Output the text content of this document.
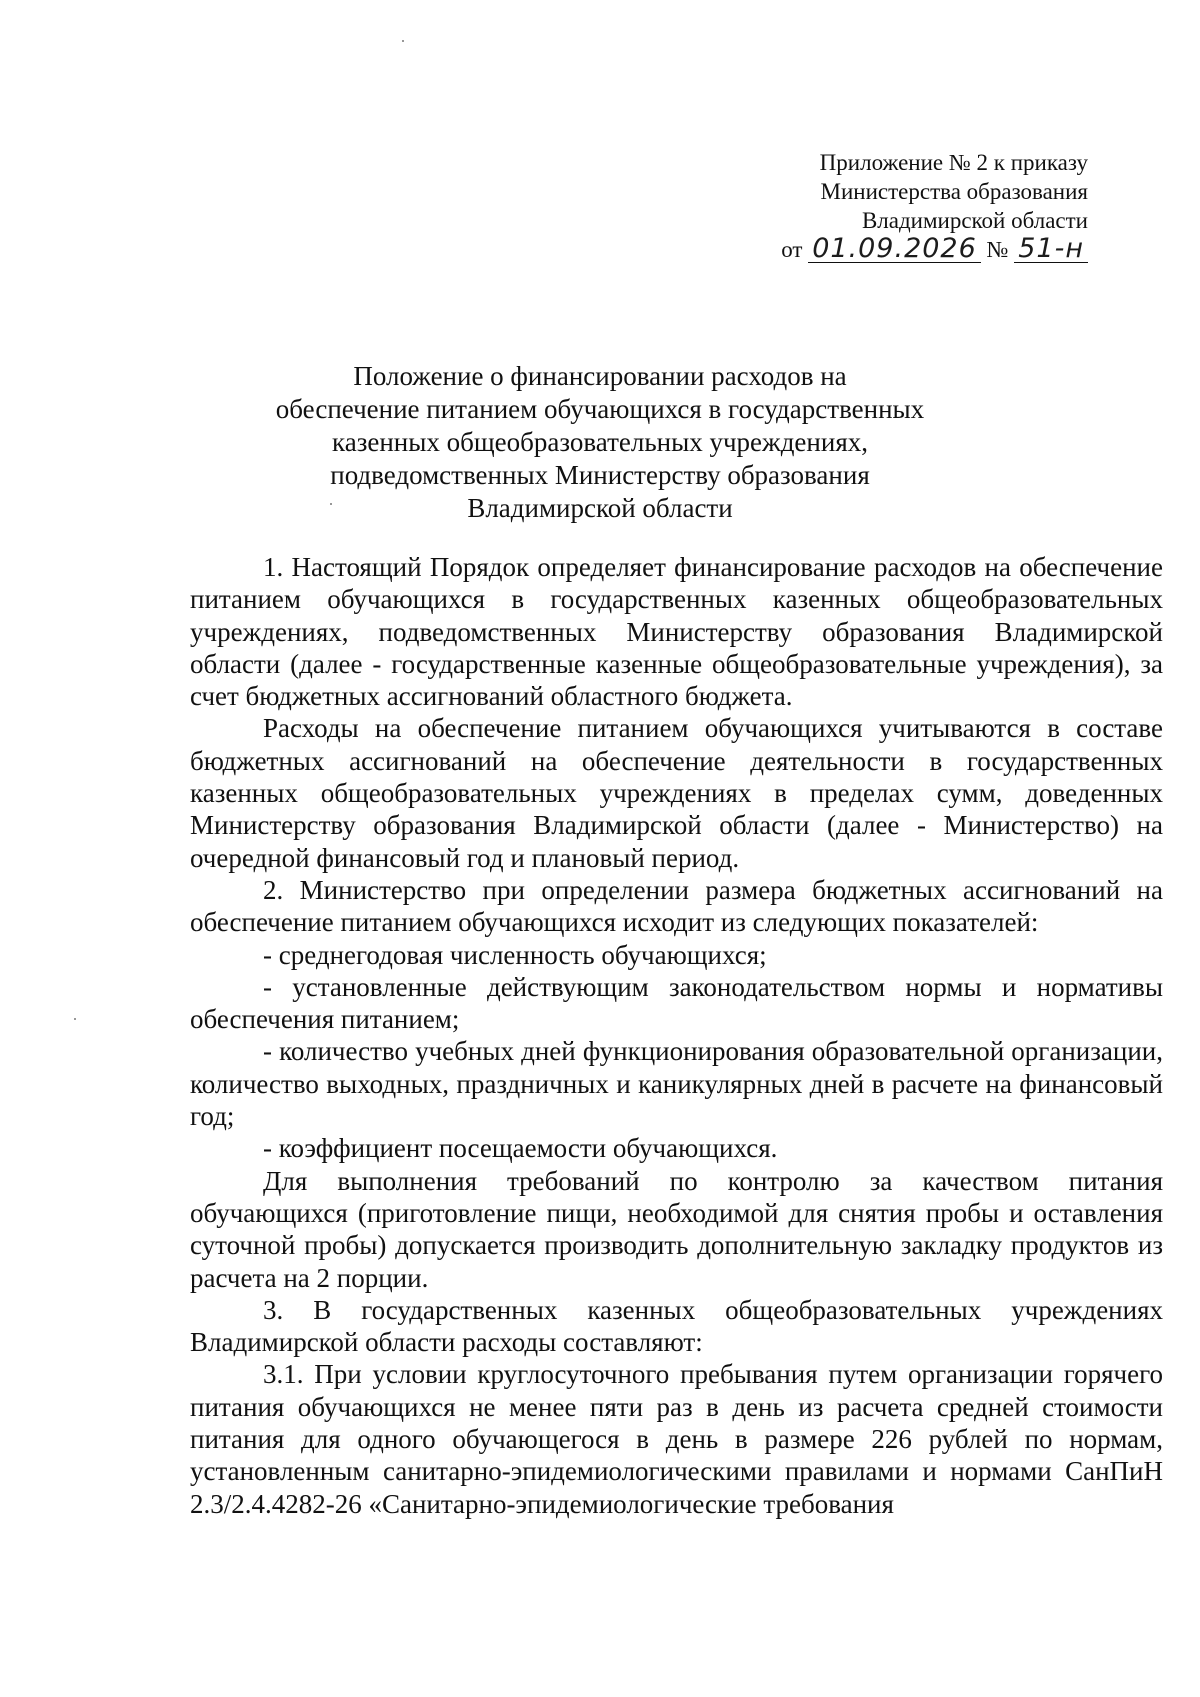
Приложение № 2 к приказу
Министерства образования
Владимирской области
от 01.09.2026 № 51-н
Положение о финансировании расходов на
обеспечение питанием обучающихся в государственных
казенных общеобразовательных учреждениях,
подведомственных Министерству образования
Владимирской области

1. Настоящий Порядок определяет финансирование расходов на обеспечение питанием обучающихся в государственных казенных общеобразовательных учреждениях, подведомственных Министерству образования Владимирской области (далее - государственные казенные общеобразовательные учреждения), за счет бюджетных ассигнований областного бюджета.

Расходы на обеспечение питанием обучающихся учитываются в составе бюджетных ассигнований на обеспечение деятельности в государственных казенных общеобразовательных учреждениях в пределах сумм, доведенных Министерству образования Владимирской области (далее - Министерство) на очередной финансовый год и плановый период.

2. Министерство при определении размера бюджетных ассигнований на обеспечение питанием обучающихся исходит из следующих показателей:

- среднегодовая численность обучающихся;

- установленные действующим законодательством нормы и нормативы обеспечения питанием;

- количество учебных дней функционирования образовательной организации, количество выходных, праздничных и каникулярных дней в расчете на финансовый год;

- коэффициент посещаемости обучающихся.

Для выполнения требований по контролю за качеством питания обучающихся (приготовление пищи, необходимой для снятия пробы и оставления суточной пробы) допускается производить дополнительную закладку продуктов из расчета на 2 порции.

3. В государственных казенных общеобразовательных учреждениях Владимирской области расходы составляют:

3.1. При условии круглосуточного пребывания путем организации горячего питания обучающихся не менее пяти раз в день из расчета средней стоимости питания для одного обучающегося в день в размере 226 рублей по нормам, установленным санитарно-эпидемиологическими правилами и нормами СанПиН 2.3/2.4.4282-26 «Санитарно-эпидемиологические требования
